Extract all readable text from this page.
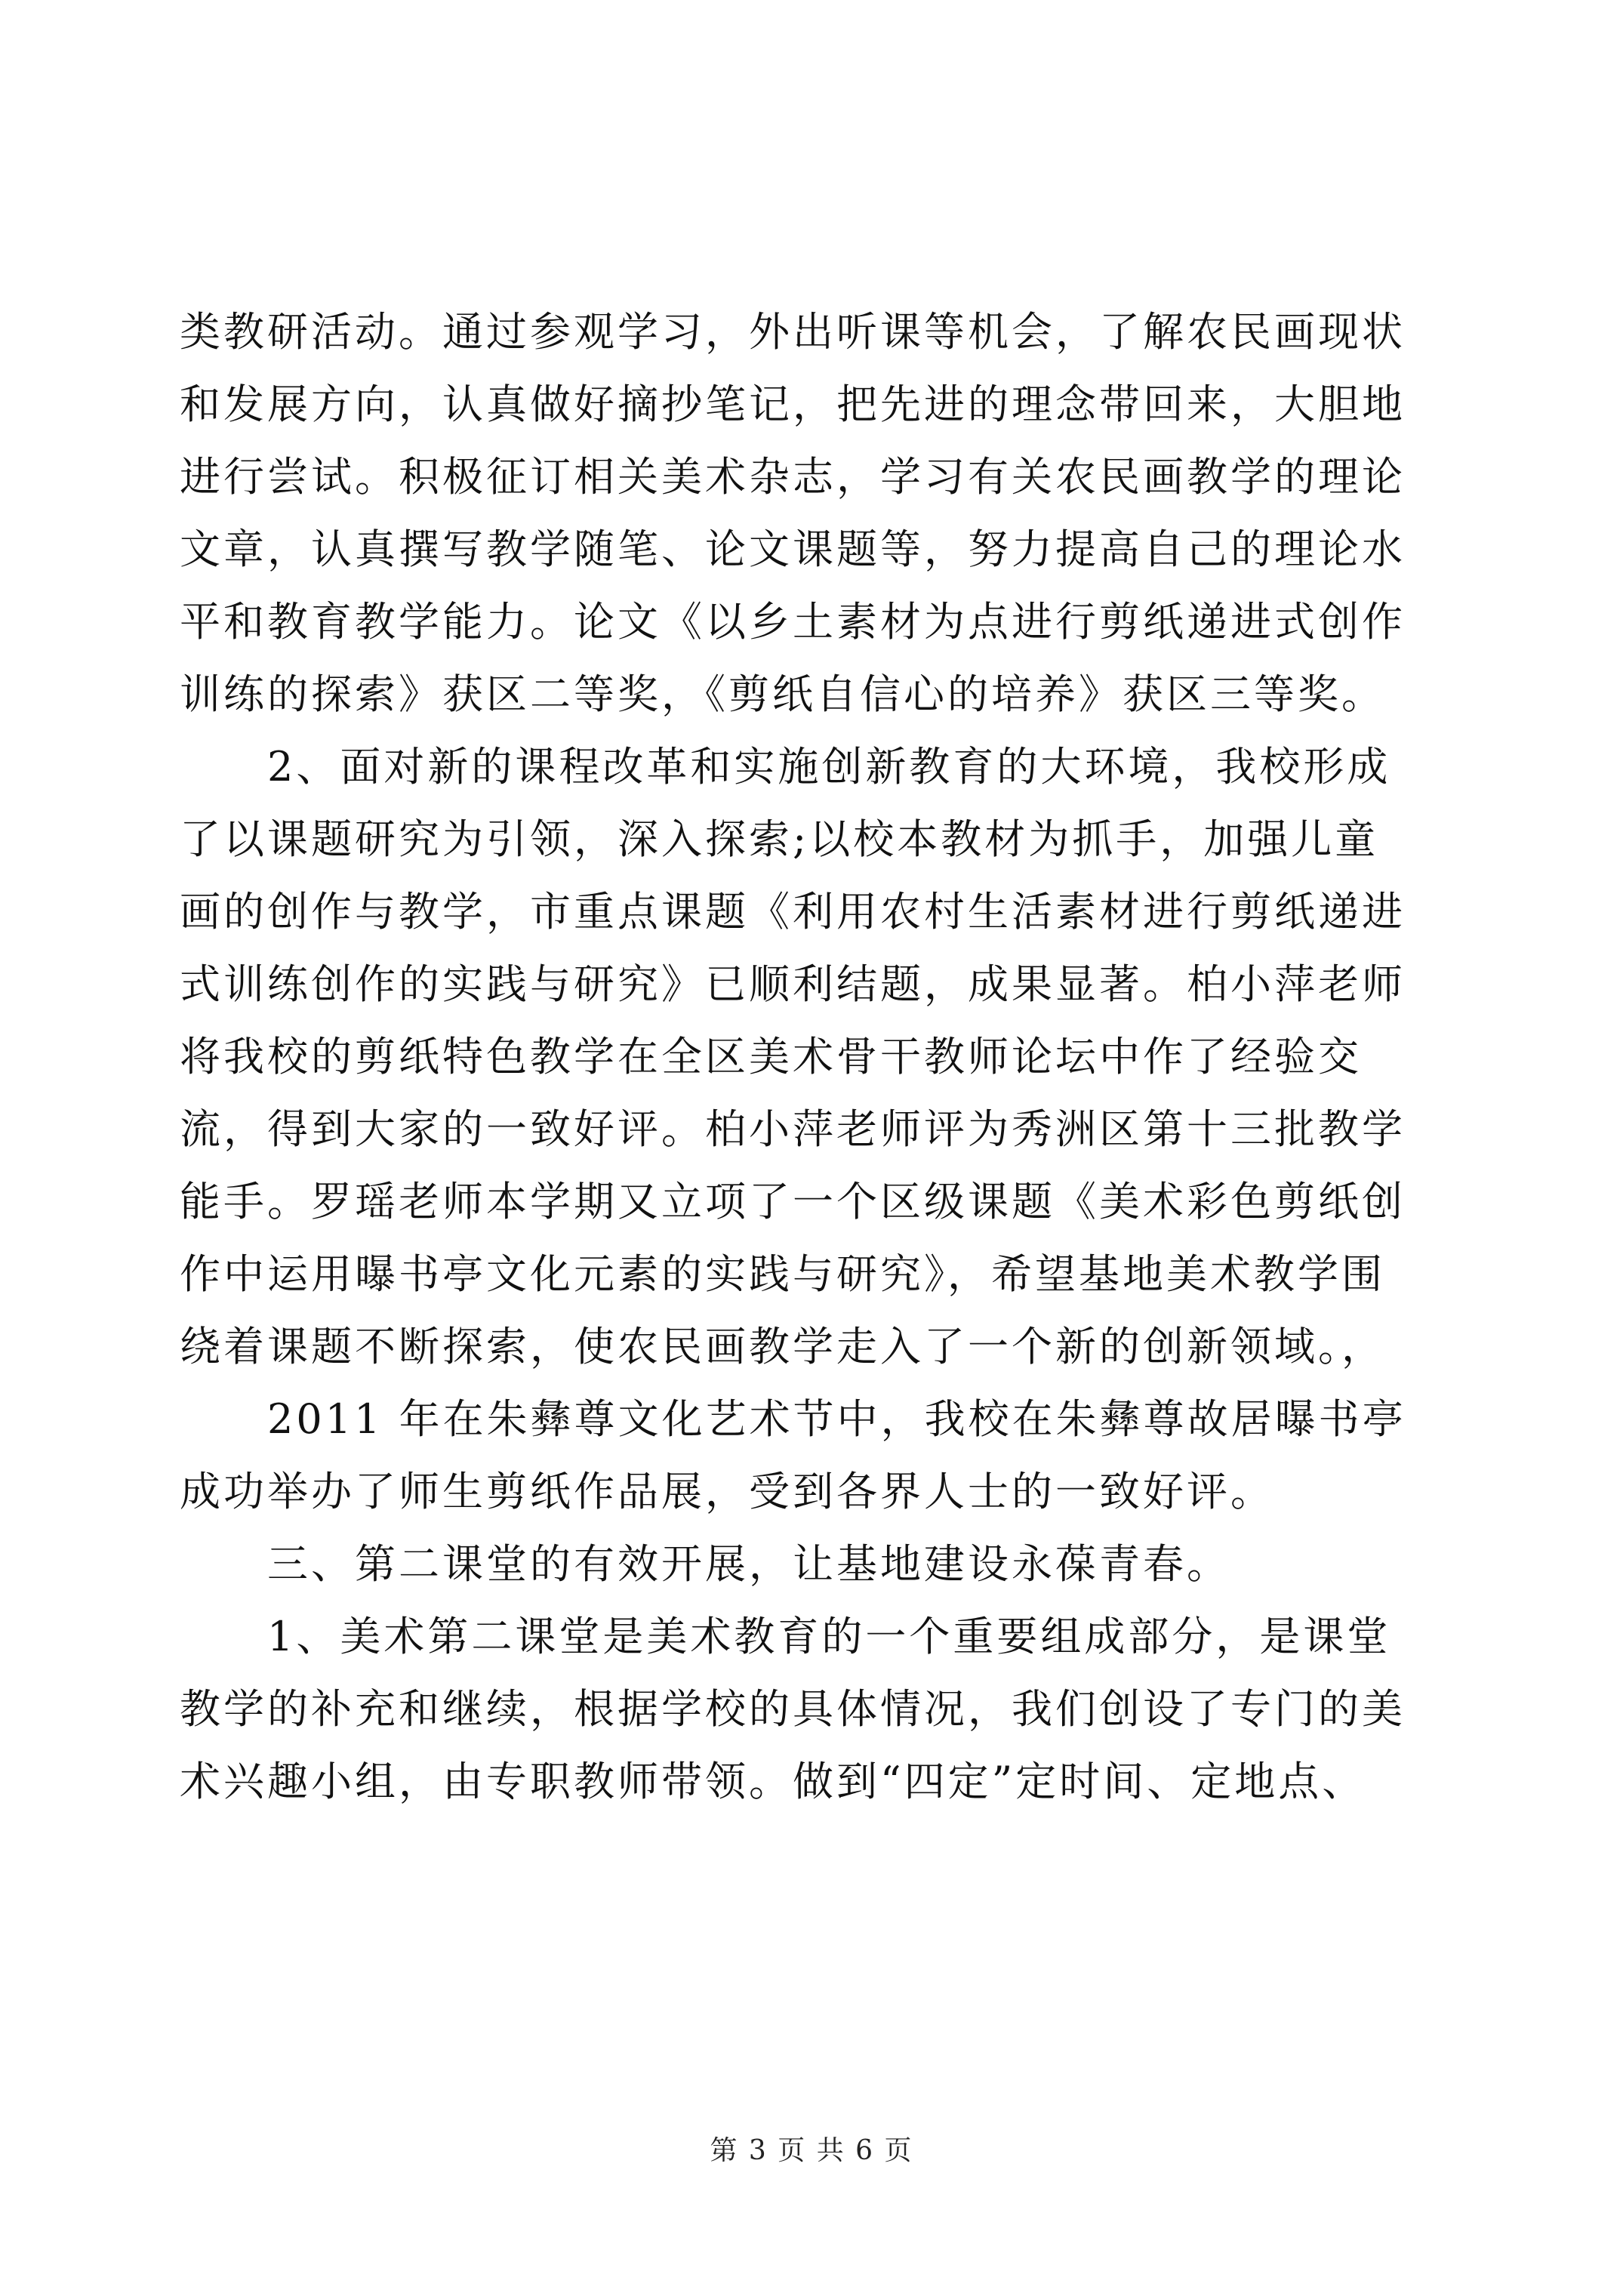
类教研活动。通过参观学习，外出听课等机会，了解农民画现状
和发展方向，认真做好摘抄笔记，把先进的理念带回来，大胆地
进行尝试。积极征订相关美术杂志，学习有关农民画教学的理论
文章，认真撰写教学随笔、论文课题等，努力提高自己的理论水
平和教育教学能力。论文《以乡土素材为点进行剪纸递进式创作
训练的探索》获区二等奖，《剪纸自信心的培养》获区三等奖。
　　2、面对新的课程改革和实施创新教育的大环境，我校形成
了以课题研究为引领，深入探索;以校本教材为抓手，加强儿童
画的创作与教学，市重点课题《利用农村生活素材进行剪纸递进
式训练创作的实践与研究》已顺利结题，成果显著。柏小萍老师
将我校的剪纸特色教学在全区美术骨干教师论坛中作了经验交
流，得到大家的一致好评。柏小萍老师评为秀洲区第十三批教学
能手。罗瑶老师本学期又立项了一个区级课题《美术彩色剪纸创
作中运用曝书亭文化元素的实践与研究》，希望基地美术教学围
绕着课题不断探索，使农民画教学走入了一个新的创新领域。，
　　2011 年在朱彝尊文化艺术节中，我校在朱彝尊故居曝书亭
成功举办了师生剪纸作品展，受到各界人士的一致好评。
　　三、第二课堂的有效开展，让基地建设永葆青春。
　　1、美术第二课堂是美术教育的一个重要组成部分，是课堂
教学的补充和继续，根据学校的具体情况，我们创设了专门的美
术兴趣小组，由专职教师带领。做到“四定”定时间、定地点、
第 3 页 共 6 页
